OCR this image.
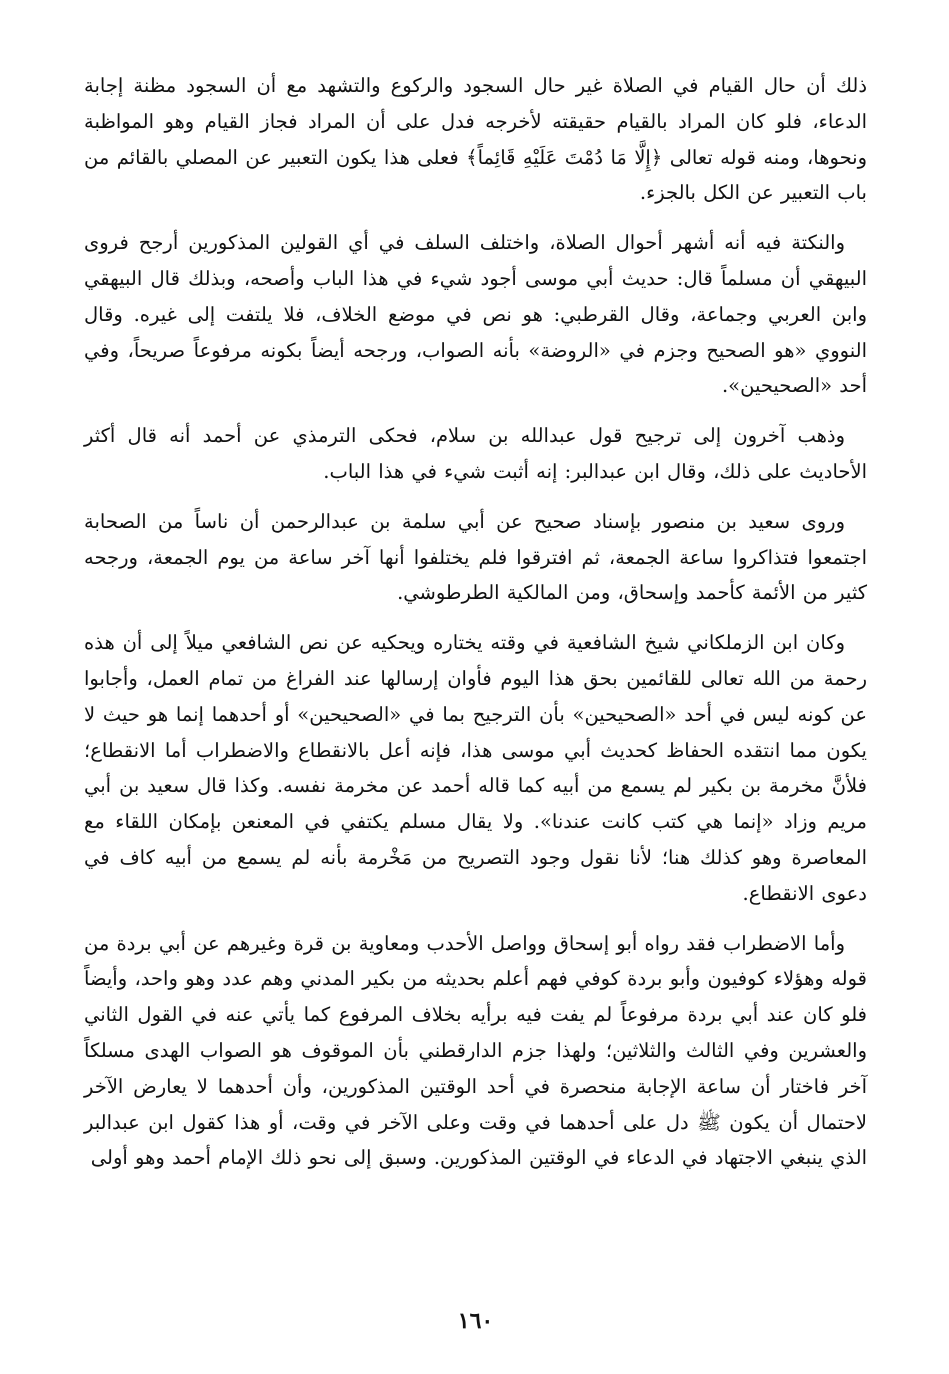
ذلك أن حال القيام في الصلاة غير حال السجود والركوع والتشهد مع أن السجود مظنة إجابة الدعاء، فلو كان المراد بالقيام حقيقته لأخرجه فدل على أن المراد فجاز القيام وهو المواظبة ونحوها، ومنه قوله تعالى ﴿إِلَّا مَا دُمْتَ عَلَيْهِ قَائِماً﴾ فعلى هذا يكون التعبير عن المصلي بالقائم من باب التعبير عن الكل بالجزء.

والنكتة فيه أنه أشهر أحوال الصلاة، واختلف السلف في أي القولين المذكورين أرجح فروى البيهقي أن مسلماً قال: حديث أبي موسى أجود شيء في هذا الباب وأصحه، وبذلك قال البيهقي وابن العربي وجماعة، وقال القرطبي: هو نص في موضع الخلاف، فلا يلتفت إلى غيره. وقال النووي «هو الصحيح وجزم في «الروضة» بأنه الصواب، ورجحه أيضاً بكونه مرفوعاً صريحاً، وفي أحد «الصحيحين».

وذهب آخرون إلى ترجيح قول عبدالله بن سلام، فحكى الترمذي عن أحمد أنه قال أكثر الأحاديث على ذلك، وقال ابن عبدالبر: إنه أثبت شيء في هذا الباب.

وروى سعيد بن منصور بإسناد صحيح عن أبي سلمة بن عبدالرحمن أن ناساً من الصحابة اجتمعوا فتذاكروا ساعة الجمعة، ثم افترقوا فلم يختلفوا أنها آخر ساعة من يوم الجمعة، ورجحه كثير من الأئمة كأحمد وإسحاق، ومن المالكية الطرطوشي.

وكان ابن الزملكاني شيخ الشافعية في وقته يختاره ويحكيه عن نص الشافعي ميلاً إلى أن هذه رحمة من الله تعالى للقائمين بحق هذا اليوم فأوان إرسالها عند الفراغ من تمام العمل، وأجابوا عن كونه ليس في أحد «الصحيحين» بأن الترجيح بما في «الصحيحين» أو أحدهما إنما هو حيث لا يكون مما انتقده الحفاظ كحديث أبي موسى هذا، فإنه أعل بالانقطاع والاضطراب أما الانقطاع؛ فلأنَّ مخرمة بن بكير لم يسمع من أبيه كما قاله أحمد عن مخرمة نفسه. وكذا قال سعيد بن أبي مريم وزاد «إنما هي كتب كانت عندنا». ولا يقال مسلم يكتفي في المعنعن بإمكان اللقاء مع المعاصرة وهو كذلك هنا؛ لأنا نقول وجود التصريح من مَخْرمة بأنه لم يسمع من أبيه كاف في دعوى الانقطاع.

وأما الاضطراب فقد رواه أبو إسحاق وواصل الأحدب ومعاوية بن قرة وغيرهم عن أبي بردة من قوله وهؤلاء كوفيون وأبو بردة كوفي فهم أعلم بحديثه من بكير المدني وهم عدد وهو واحد، وأيضاً فلو كان عند أبي بردة مرفوعاً لم يفت فيه برأيه بخلاف المرفوع كما يأتي عنه في القول الثاني والعشرين وفي الثالث والثلاثين؛ ولهذا جزم الدارقطني بأن الموقوف هو الصواب الهدى مسلكاً آخر فاختار أن ساعة الإجابة منحصرة في أحد الوقتين المذكورين، وأن أحدهما لا يعارض الآخر لاحتمال أن يكون ﷺ دل على أحدهما في وقت وعلى الآخر في وقت، أو هذا كقول ابن عبدالبر الذي ينبغي الاجتهاد في الدعاء في الوقتين المذكورين. وسبق إلى نحو ذلك الإمام أحمد وهو أولى

١٦٠
